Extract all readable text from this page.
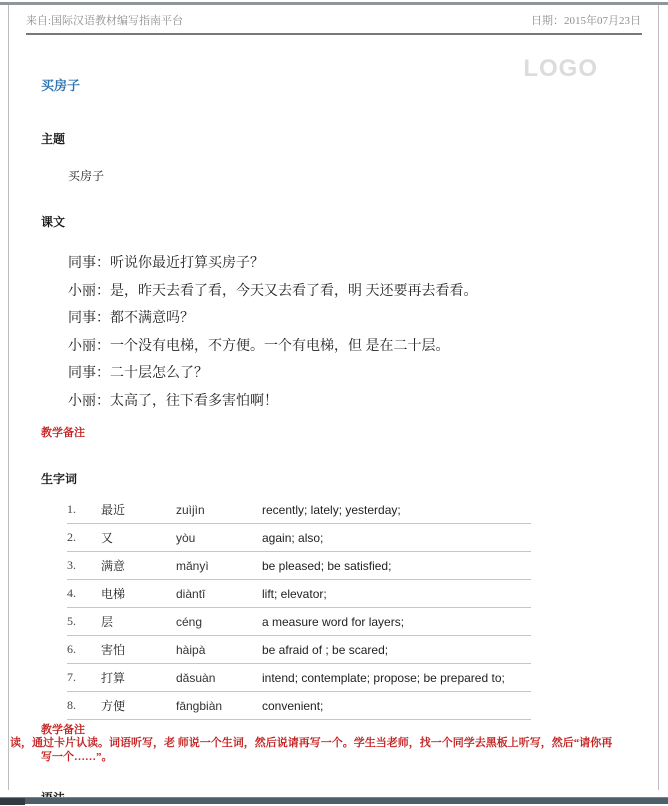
来自:国际汉语教材编写指南平台	日期：2015年07月23日
LOGO
买房子
主题
买房子
课文

同事：听说你最近打算买房子？

小丽：是，昨天去看了看，今天又去看了看，明 天还要再去看看。

同事：都不满意吗？

小丽：一个没有电梯，不方便。一个有电梯，但 是在二十层。

同事：二十层怎么了？

小丽：太高了，往下看多害怕啊！

教学备注
生字词
1.	最近	zuìjìn	recently; lately; yesterday;
2.	又	yòu	again; also;
3.	满意	mǎnyì	be pleased; be satisfied;
4.	电梯	diàntī	lift; elevator;
5.	层	céng	a measure word for layers;
6.	害怕	hàipà	be afraid of ; be scared;
7.	打算	dǎsuàn	intend; contemplate; propose; be prepared to;
8.	方便	fāngbiàn	convenient;
教学备注

读，通过卡片认读。词语听写，老 师说一个生词，然后说请再写一个。学生当老师，找一个同学去黑板上听写，然后“请你再
写一个……”。
